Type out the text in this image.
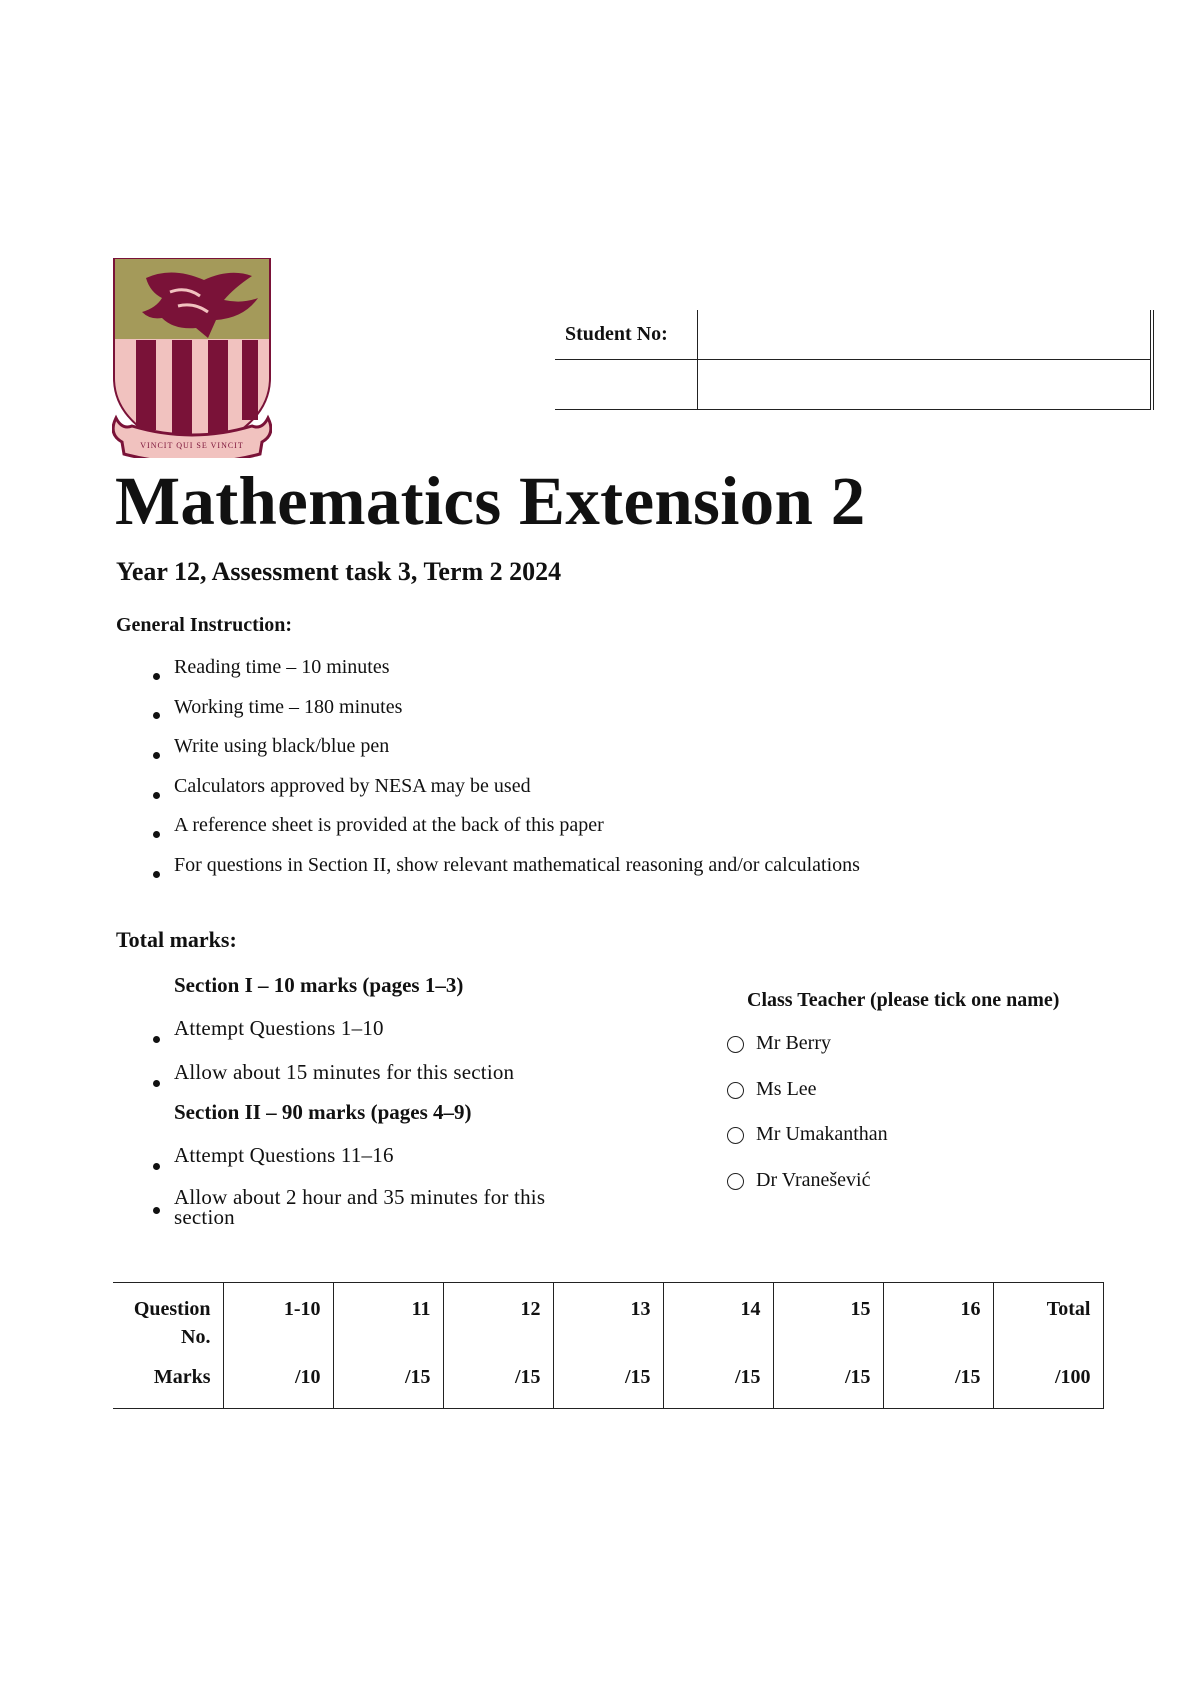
VINCIT QUI SE VINCIT
Student No:	

Mathematics Extension 2
Year 12, Assessment task 3, Term 2 2024
General Instruction:
Reading time – 10 minutes
Working time – 180 minutes
Write using black/blue pen
Calculators approved by NESA may be used
A reference sheet is provided at the back of this paper
For questions in Section II, show relevant mathematical reasoning and/or calculations
Total marks:
Section I – 10 marks (pages 1–3)
Attempt Questions 1–10
Allow about 15 minutes for this section
Section II – 90 marks (pages 4–9)
Attempt Questions 11–16
Allow about 2 hour and 35 minutes for this section
Class Teacher (please tick one name)
Mr Berry
Ms Lee
Mr Umakanthan
Dr Vranešević
Question No.	1-10	11	12	13	14	15	16	Total
Marks	/10	/15	/15	/15	/15	/15	/15	/100
